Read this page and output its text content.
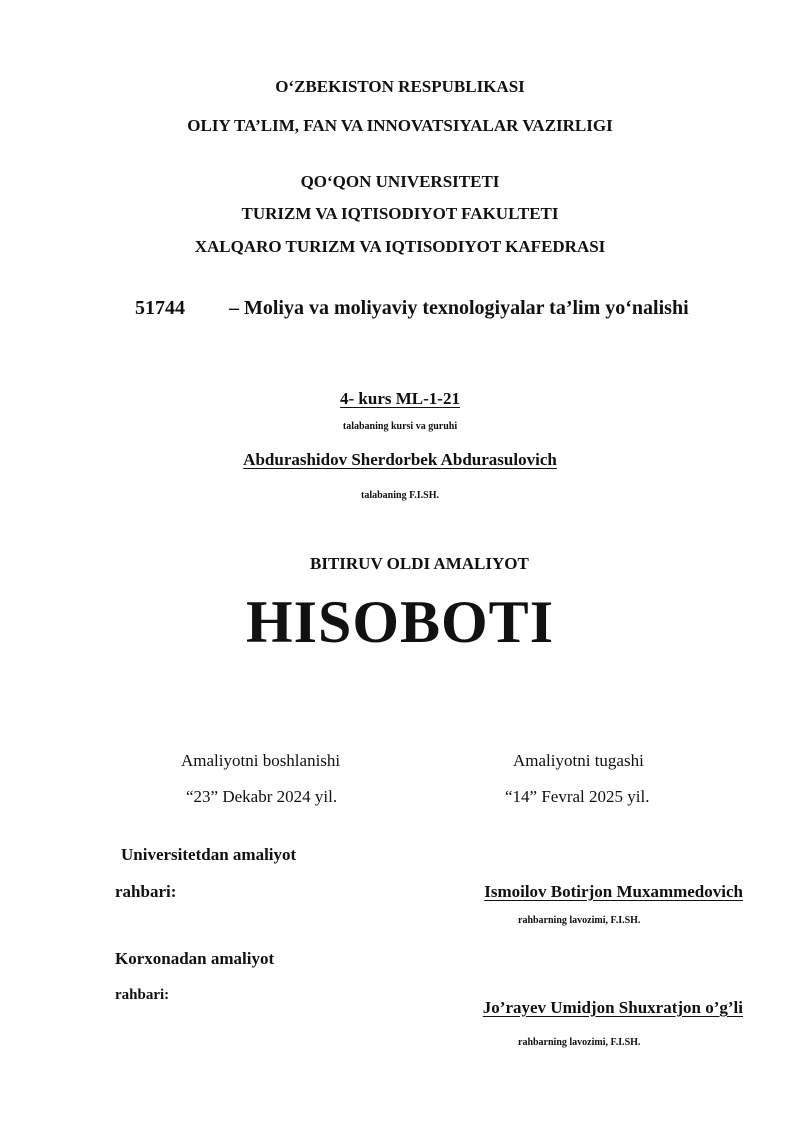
O‘ZBEKISTON RESPUBLIKASI
OLIY TA’LIM, FAN VA INNOVATSIYALAR VAZIRLIGI
QO‘QON UNIVERSITETI
TURIZM VA IQTISODIYOT FAKULTETI
XALQARO TURIZM VA IQTISODIYOT KAFEDRASI
51744 – Moliya va moliyaviy texnologiyalar ta’lim yo‘nalishi
4- kurs ML-1-21
talabaning kursi va guruhi
Abdurashidov Sherdorbek Abdurasulovich
talabaning F.I.SH.
BITIRUV OLDI AMALIYOT
HISOBOTI
Amaliyotni boshlanishi
“23” Dekabr 2024 yil.
Amaliyotni tugashi
“14” Fevral 2025 yil.
Universitetdan amaliyot
rahbari:	Ismoilov Botirjon Muxammedovich
rahbarning lavozimi, F.I.SH.
Korxonadan amaliyot
rahbari:
Jo’rayev Umidjon Shuxratjon o’g’li
rahbarning lavozimi, F.I.SH.
